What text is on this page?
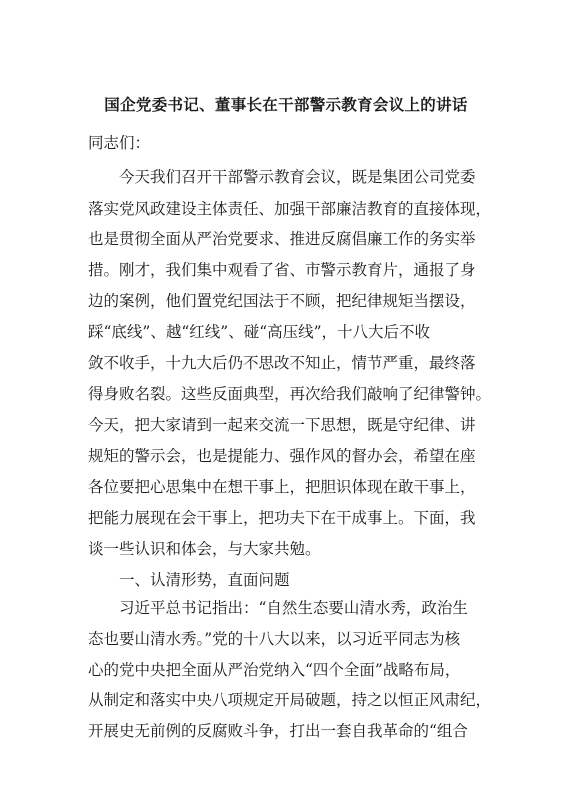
国企党委书记、董事长在干部警示教育会议上的讲话
同志们：
今天我们召开干部警示教育会议，既是集团公司党委
落实党风政建设主体责任、加强干部廉洁教育的直接体现，
也是贯彻全面从严治党要求、推进反腐倡廉工作的务实举
措。刚才，我们集中观看了省、市警示教育片，通报了身
边的案例，他们置党纪国法于不顾，把纪律规矩当摆设，
踩“底线”、越“红线”、碰“高压线”，十八大后不收
敛不收手，十九大后仍不思改不知止，情节严重，最终落
得身败名裂。这些反面典型，再次给我们敲响了纪律警钟。
今天，把大家请到一起来交流一下思想，既是守纪律、讲
规矩的警示会，也是提能力、强作风的督办会，希望在座
各位要把心思集中在想干事上，把胆识体现在敢干事上，
把能力展现在会干事上，把功夫下在干成事上。下面，我
谈一些认识和体会，与大家共勉。
一、认清形势，直面问题
习近平总书记指出：“自然生态要山清水秀，政治生
态也要山清水秀。”党的十八大以来，以习近平同志为核
心的党中央把全面从严治党纳入“四个全面”战略布局，
从制定和落实中央八项规定开局破题，持之以恒正风肃纪，
开展史无前例的反腐败斗争，打出一套自我革命的“组合
